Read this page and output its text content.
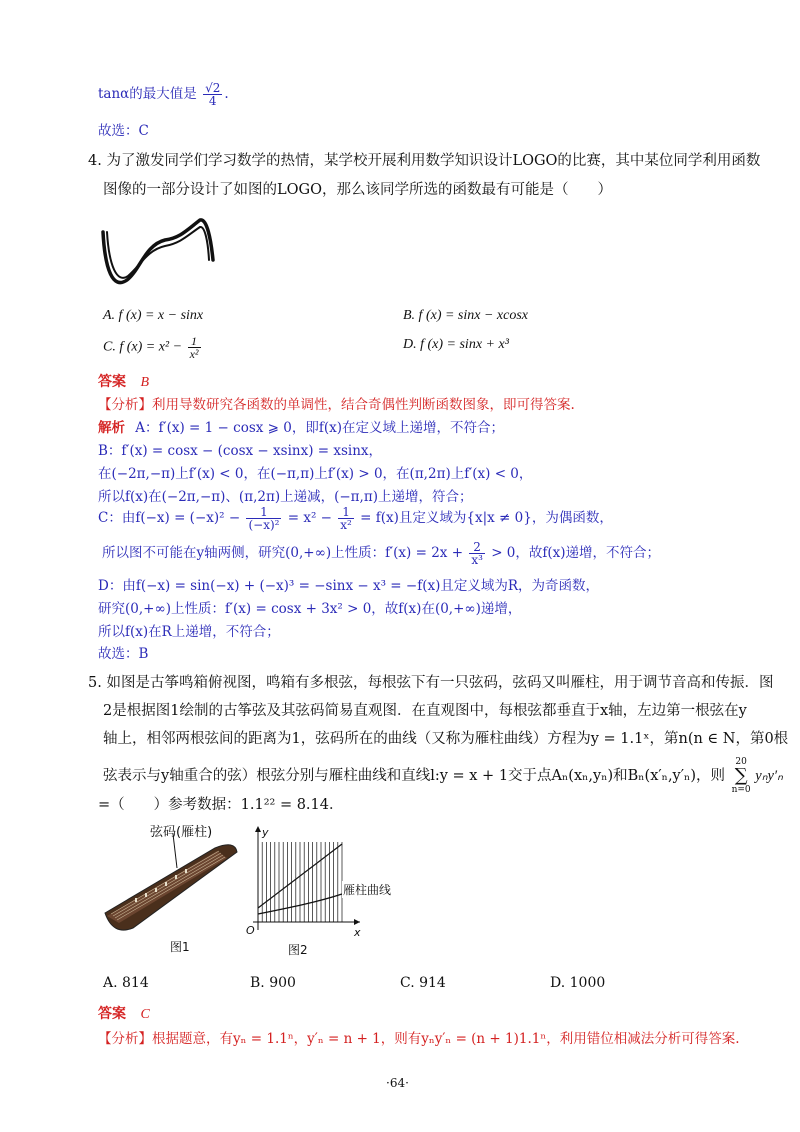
tanα的最大值是 $\frac{√2}{4}$ .
故选：C
4. 为了激发同学们学习数学的热情，某学校开展利用数学知识设计LOGO的比赛，其中某位同学利用函数
图像的一部分设计了如图的LOGO，那么该同学所选的函数最有可能是（　　）
A. f (x) = x − sinx	B. f (x) = sinx − xcosx
C. f $(x) = x^2 - \frac{1}{\text{x²}}$	D. f (x) = sinx + x³
答案 B
【分析】利用导数研究各函数的单调性，结合奇偶性判断函数图象，即可得答案.
解析 A：f′(x) = 1 − cosx ⩾ 0，即f(x)在定义域上递增，不符合；
B：f′(x) = cosx − (cosx − xsinx) = xsinx，
在(−2π,−π)上f′(x) < 0，在(−π,π)上f′(x) > 0，在(π,2π)上f′(x) < 0，
所以f(x)在(−2π,−π)、(π,2π)上递减，(−π,π)上递增，符合；
C：由$f(-x) = (-x)^2 - \frac{1}{\text{(−x)²}} = x^2 - \frac{1}{\text{x²}} = f(x)$且定义域为{x|x ≠ 0}，为偶函数，
所以图不可能在y轴两侧，研究(0,+∞)上性质：$f'(x) = 2x + \frac{2}{\text{x³}} > 0$，故f(x)递增，不符合；
D：由f(−x) = sin(−x) + (−x)³ = −sinx − x³ = −f(x)且定义域为R，为奇函数，
研究(0,+∞)上性质：f′(x) = cosx + 3x² > 0，故f(x)在(0,+∞)递增，
所以f(x)在R上递增，不符合；
故选：B
5. 如图是古筝鸣箱俯视图，鸣箱有多根弦，每根弦下有一只弦码，弦码又叫雁柱，用于调节音高和传振．图
2是根据图1绘制的古筝弦及其弦码简易直观图．在直观图中，每根弦都垂直于x轴，左边第一根弦在y
轴上，相邻两根弦间的距离为1，弦码所在的曲线（又称为雁柱曲线）方程为y = 1.1ˣ，第n(n ∈ N，第0根
弦表示与y轴重合的弦）根弦分别与雁柱曲线和直线l:y = x + 1交于点Aₙ(xₙ,yₙ)和Bₙ(x′ₙ,y′ₙ)，则
20
∑
n=0
yₙy′ₙ
=（　　）参考数据：1.1²² = 8.14．
图1
弦码(雁柱)	y
x
O
图2
雁柱曲线
A. 814	B. 900	C. 914	D. 1000
答案 C
【分析】根据题意，有yₙ = 1.1ⁿ，y′ₙ = n + 1，则有yₙy′ₙ = (n + 1)1.1ⁿ，利用错位相减法分析可得答案.
·64·
